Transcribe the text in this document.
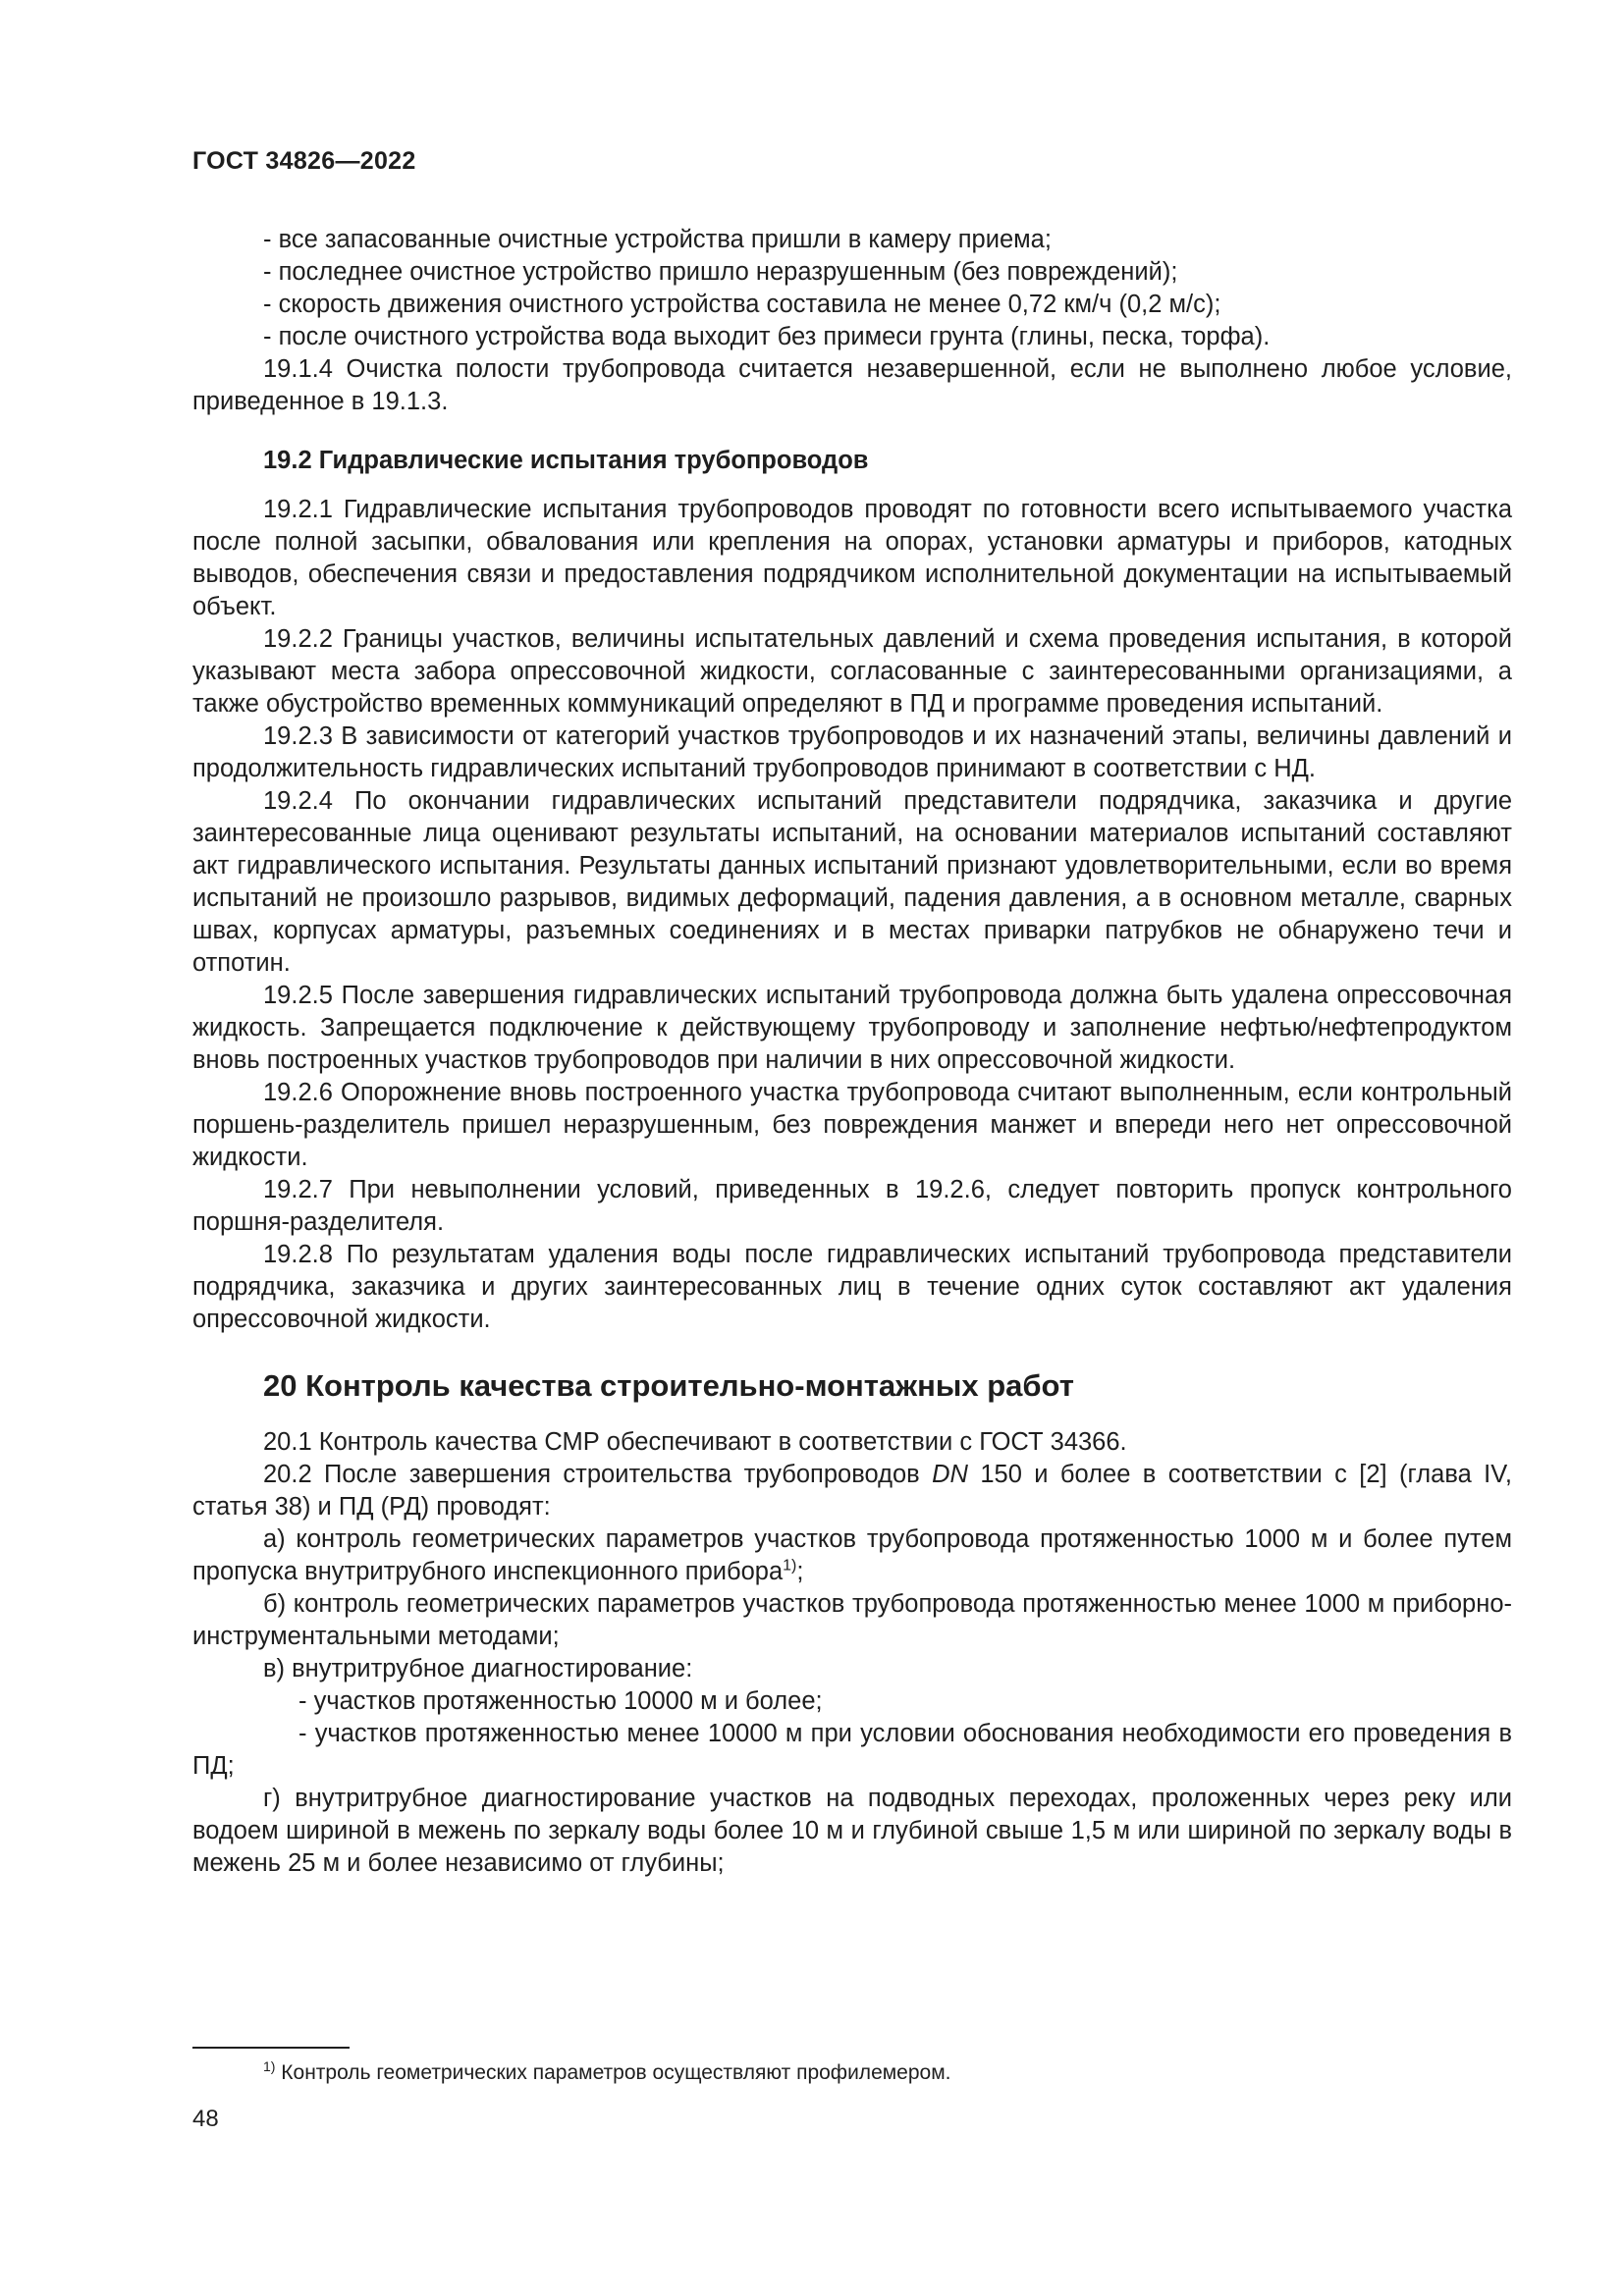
ГОСТ 34826—2022

- все запасованные очистные устройства пришли в камеру приема;

- последнее очистное устройство пришло неразрушенным (без повреждений);

- скорость движения очистного устройства составила не менее 0,72 км/ч (0,2 м/с);

- после очистного устройства вода выходит без примеси грунта (глины, песка, торфа).

19.1.4 Очистка полости трубопровода считается незавершенной, если не выполнено любое условие, приведенное в 19.1.3.

19.2 Гидравлические испытания трубопроводов

19.2.1 Гидравлические испытания трубопроводов проводят по готовности всего испытываемого участка после полной засыпки, обвалования или крепления на опорах, установки арматуры и приборов, катодных выводов, обеспечения связи и предоставления подрядчиком исполнительной документации на испытываемый объект.

19.2.2 Границы участков, величины испытательных давлений и схема проведения испытания, в которой указывают места забора опрессовочной жидкости, согласованные с заинтересованными организациями, а также обустройство временных коммуникаций определяют в ПД и программе проведения испытаний.

19.2.3 В зависимости от категорий участков трубопроводов и их назначений этапы, величины давлений и продолжительность гидравлических испытаний трубопроводов принимают в соответствии с НД.

19.2.4 По окончании гидравлических испытаний представители подрядчика, заказчика и другие заинтересованные лица оценивают результаты испытаний, на основании материалов испытаний составляют акт гидравлического испытания. Результаты данных испытаний признают удовлетворительными, если во время испытаний не произошло разрывов, видимых деформаций, падения давления, а в основном металле, сварных швах, корпусах арматуры, разъемных соединениях и в местах приварки патрубков не обнаружено течи и отпотин.

19.2.5 После завершения гидравлических испытаний трубопровода должна быть удалена опрессовочная жидкость. Запрещается подключение к действующему трубопроводу и заполнение нефтью/нефтепродуктом вновь построенных участков трубопроводов при наличии в них опрессовочной жидкости.

19.2.6 Опорожнение вновь построенного участка трубопровода считают выполненным, если контрольный поршень-разделитель пришел неразрушенным, без повреждения манжет и впереди него нет опрессовочной жидкости.

19.2.7 При невыполнении условий, приведенных в 19.2.6, следует повторить пропуск контрольного поршня-разделителя.

19.2.8 По результатам удаления воды после гидравлических испытаний трубопровода представители подрядчика, заказчика и других заинтересованных лиц в течение одних суток составляют акт удаления опрессовочной жидкости.

20 Контроль качества строительно-монтажных работ

20.1 Контроль качества СМР обеспечивают в соответствии с ГОСТ 34366.

20.2 После завершения строительства трубопроводов DN 150 и более в соответствии с [2] (глава IV, статья 38) и ПД (РД) проводят:

а) контроль геометрических параметров участков трубопровода протяженностью 1000 м и более путем пропуска внутритрубного инспекционного прибора$^{1)}$;

б) контроль геометрических параметров участков трубопровода протяженностью менее 1000 м приборно-инструментальными методами;

в) внутритрубное диагностирование:

- участков протяженностью 10000 м и более;

- участков протяженностью менее 10000 м при условии обоснования необходимости его проведения в ПД;

г) внутритрубное диагностирование участков на подводных переходах, проложенных через реку или водоем шириной в межень по зеркалу воды более 10 м и глубиной свыше 1,5 м или шириной по зеркалу воды в межень 25 м и более независимо от глубины;

$^{1)}$ Контроль геометрических параметров осуществляют профилемером.
48
